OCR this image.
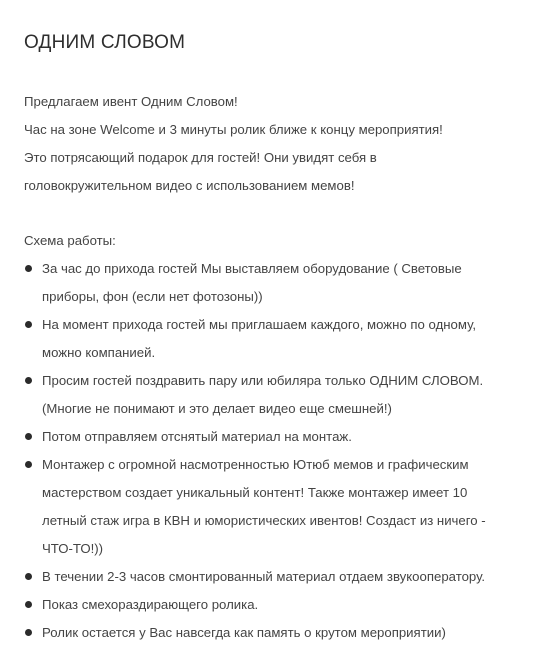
ОДНИМ СЛОВОМ

Предлагаем ивент Одним Словом!

Час на зоне Welcome и 3 минуты ролик ближе к концу мероприятия!

Это потрясающий подарок для гостей! Они увидят себя в

головокружительном видео с использованием мемов!

Схема работы:

За час до прихода гостей Мы выставляем оборудование ( Световые
приборы, фон (если нет фотозоны))
На момент прихода гостей мы приглашаем каждого, можно по одному,
можно компанией.
Просим гостей поздравить пару или юбиляра только ОДНИМ СЛОВОМ.
(Многие не понимают и это делает видео еще смешней!)
Потом отправляем отснятый материал на монтаж.
Монтажер с огромной насмотренностью Ютюб мемов и графическим
мастерством создает уникальный контент! Также монтажер имеет 10
летный стаж игра в КВН и юмористических ивентов! Создаст из ничего -
ЧТО-ТО!))
В течении 2-3 часов смонтированный материал отдаем звукооператору.
Показ смехораздирающего ролика.
Ролик остается у Вас навсегда как память о крутом мероприятии)
